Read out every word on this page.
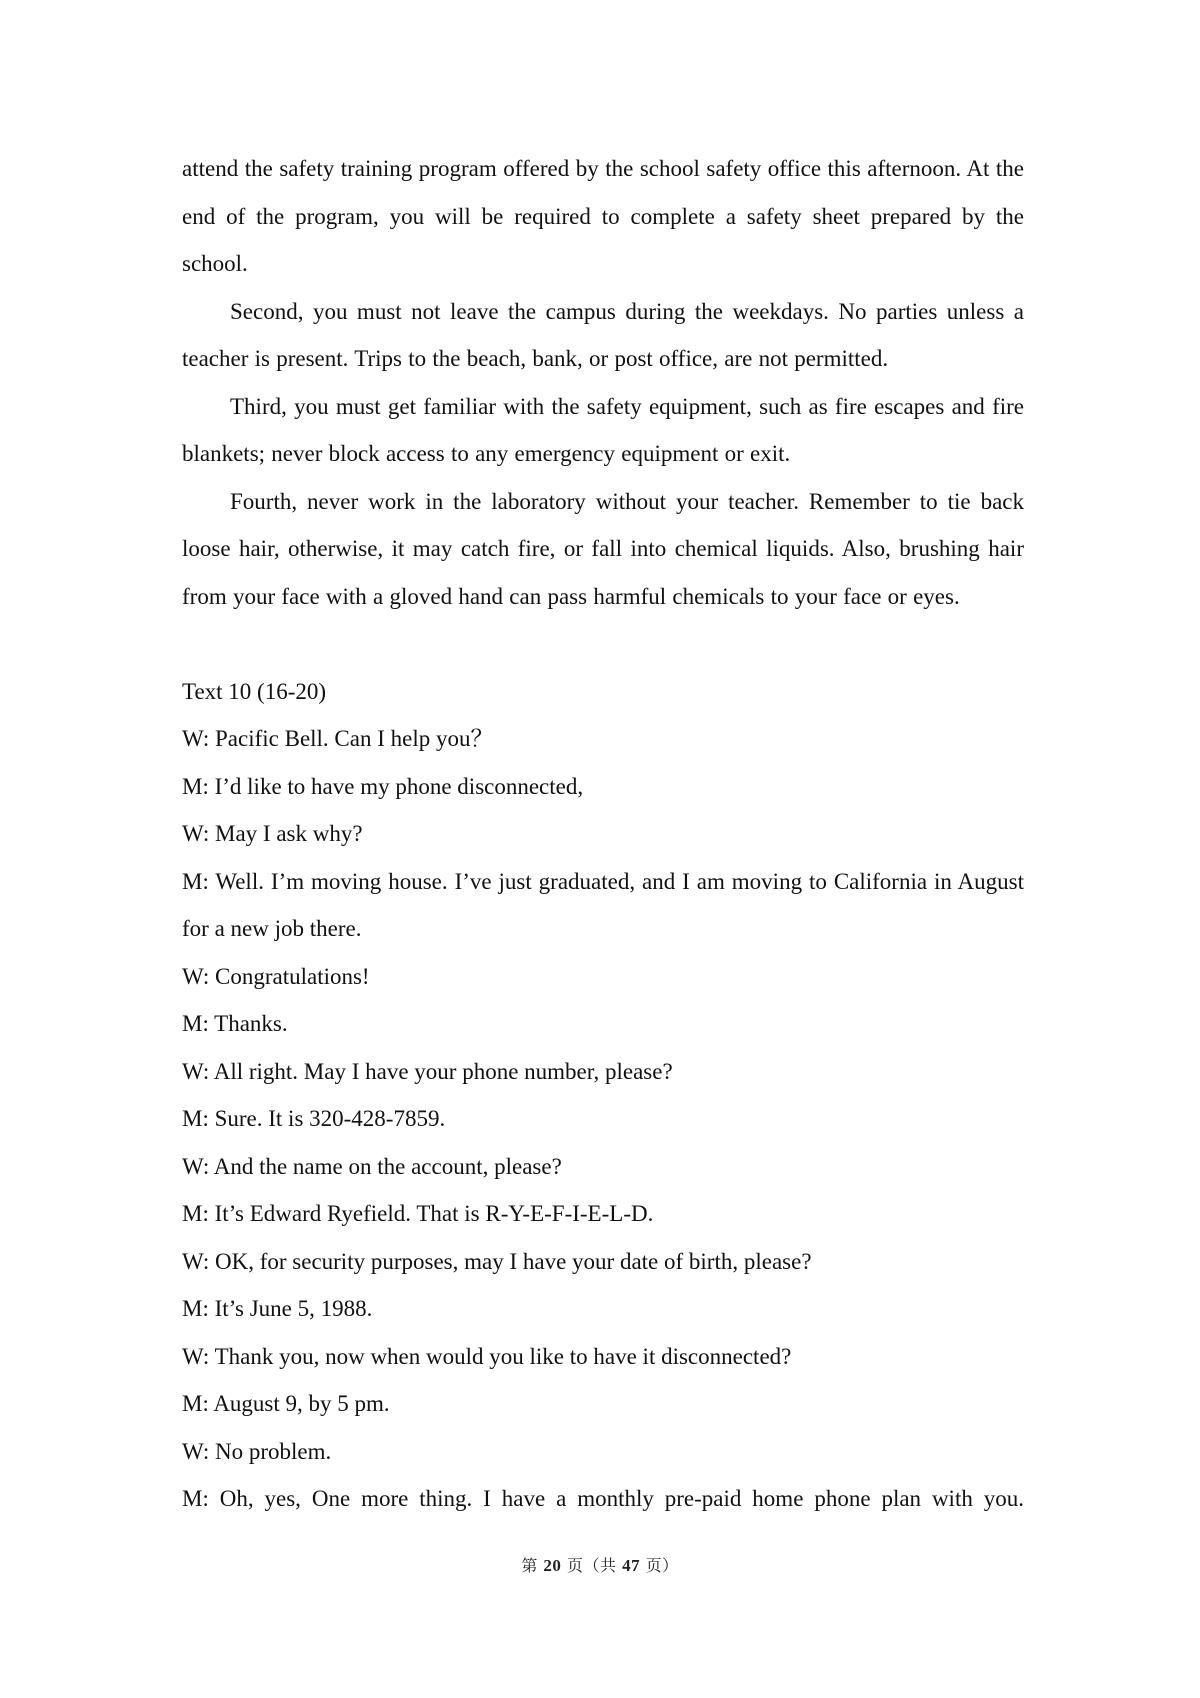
attend the safety training program offered by the school safety office this afternoon. At the end of the program, you will be required to complete a safety sheet prepared by the school.

Second, you must not leave the campus during the weekdays. No parties unless a teacher is present. Trips to the beach, bank, or post office, are not permitted.

Third, you must get familiar with the safety equipment, such as fire escapes and fire blankets; never block access to any emergency equipment or exit.

Fourth, never work in the laboratory without your teacher. Remember to tie back loose hair, otherwise, it may catch fire, or fall into chemical liquids. Also, brushing hair from your face with a gloved hand can pass harmful chemicals to your face or eyes.

Text 10 (16-20)

W: Pacific Bell. Can I help you？

M: I’d like to have my phone disconnected,

W: May I ask why?

M: Well. I’m moving house. I’ve just graduated, and I am moving to California in August for a new job there.

W: Congratulations!

M: Thanks.

W: All right. May I have your phone number, please?

M: Sure. It is 320-428-7859.

W: And the name on the account, please?

M: It’s Edward Ryefield. That is R-Y-E-F-I-E-L-D.

W: OK, for security purposes, may I have your date of birth, please?

M: It’s June 5, 1988.

W: Thank you, now when would you like to have it disconnected?

M: August 9, by 5 pm.

W: No problem.

M: Oh, yes, One more thing. I have a monthly pre-paid home phone plan with you.

第 20 页（共 47 页）
